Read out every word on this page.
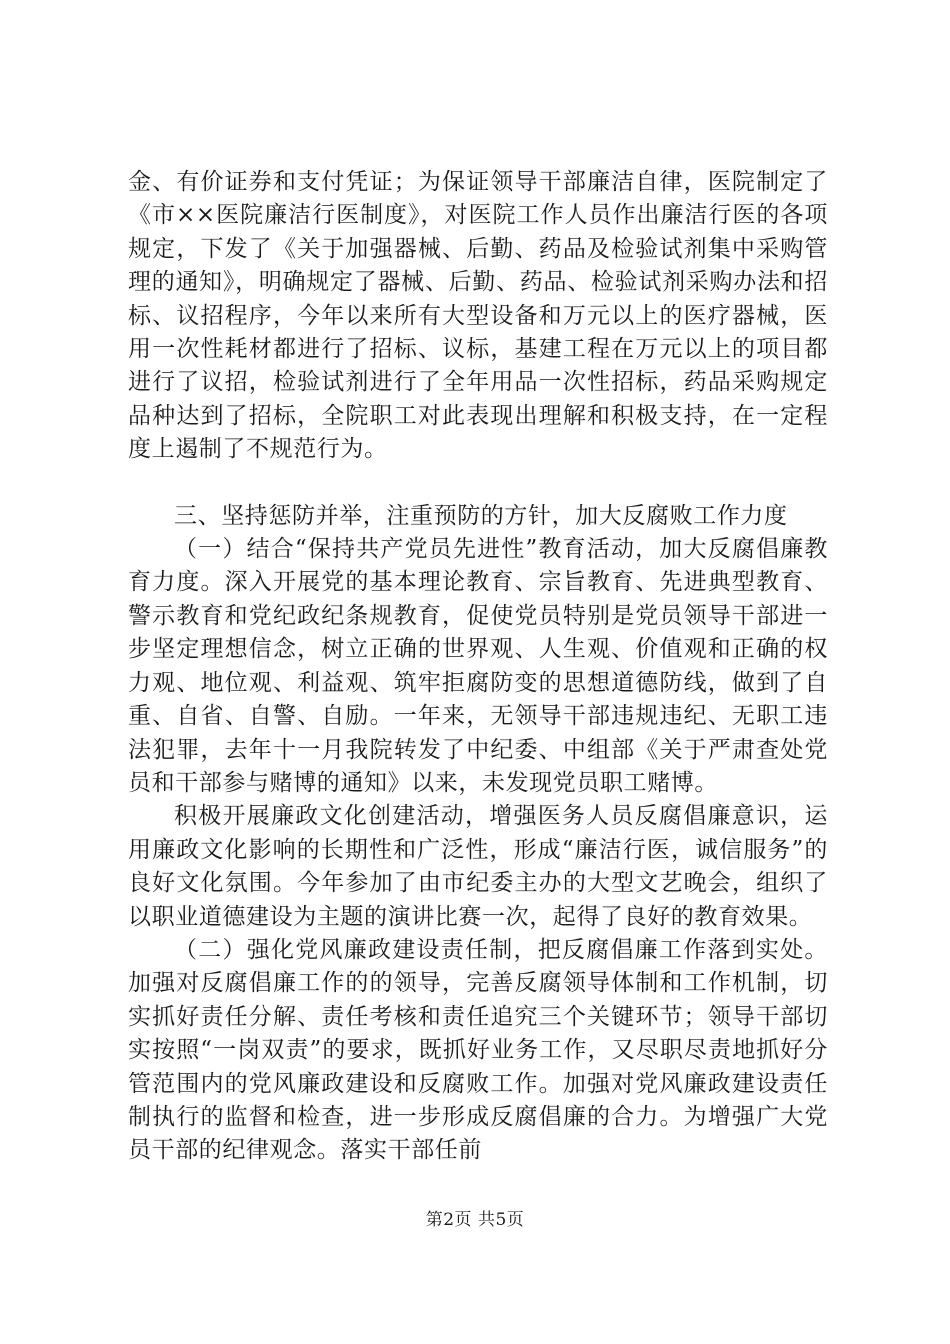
金、有价证券和支付凭证；为保证领导干部廉洁自律，医院制定了《市××医院廉洁行医制度》，对医院工作人员作出廉洁行医的各项规定，下发了《关于加强器械、后勤、药品及检验试剂集中采购管理的通知》，明确规定了器械、后勤、药品、检验试剂采购办法和招标、议招程序，今年以来所有大型设备和万元以上的医疗器械，医用一次性耗材都进行了招标、议标，基建工程在万元以上的项目都进行了议招，检验试剂进行了全年用品一次性招标，药品采购规定品种达到了招标，全院职工对此表现出理解和积极支持，在一定程度上遏制了不规范行为。

三、坚持惩防并举，注重预防的方针，加大反腐败工作力度

（一）结合“保持共产党员先进性”教育活动，加大反腐倡廉教育力度。深入开展党的基本理论教育、宗旨教育、先进典型教育、警示教育和党纪政纪条规教育，促使党员特别是党员领导干部进一步坚定理想信念，树立正确的世界观、人生观、价值观和正确的权力观、地位观、利益观、筑牢拒腐防变的思想道德防线，做到了自重、自省、自警、自励。一年来，无领导干部违规违纪、无职工违法犯罪，去年十一月我院转发了中纪委、中组部《关于严肃查处党员和干部参与赌博的通知》以来，未发现党员职工赌博。

积极开展廉政文化创建活动，增强医务人员反腐倡廉意识，运用廉政文化影响的长期性和广泛性，形成“廉洁行医，诚信服务”的良好文化氛围。今年参加了由市纪委主办的大型文艺晚会，组织了以职业道德建设为主题的演讲比赛一次，起得了良好的教育效果。

（二）强化党风廉政建设责任制，把反腐倡廉工作落到实处。加强对反腐倡廉工作的的领导，完善反腐领导体制和工作机制，切实抓好责任分解、责任考核和责任追究三个关键环节；领导干部切实按照“一岗双责”的要求，既抓好业务工作，又尽职尽责地抓好分管范围内的党风廉政建设和反腐败工作。加强对党风廉政建设责任制执行的监督和检查，进一步形成反腐倡廉的合力。为增强广大党员干部的纪律观念。落实干部任前

第2页 共5页
